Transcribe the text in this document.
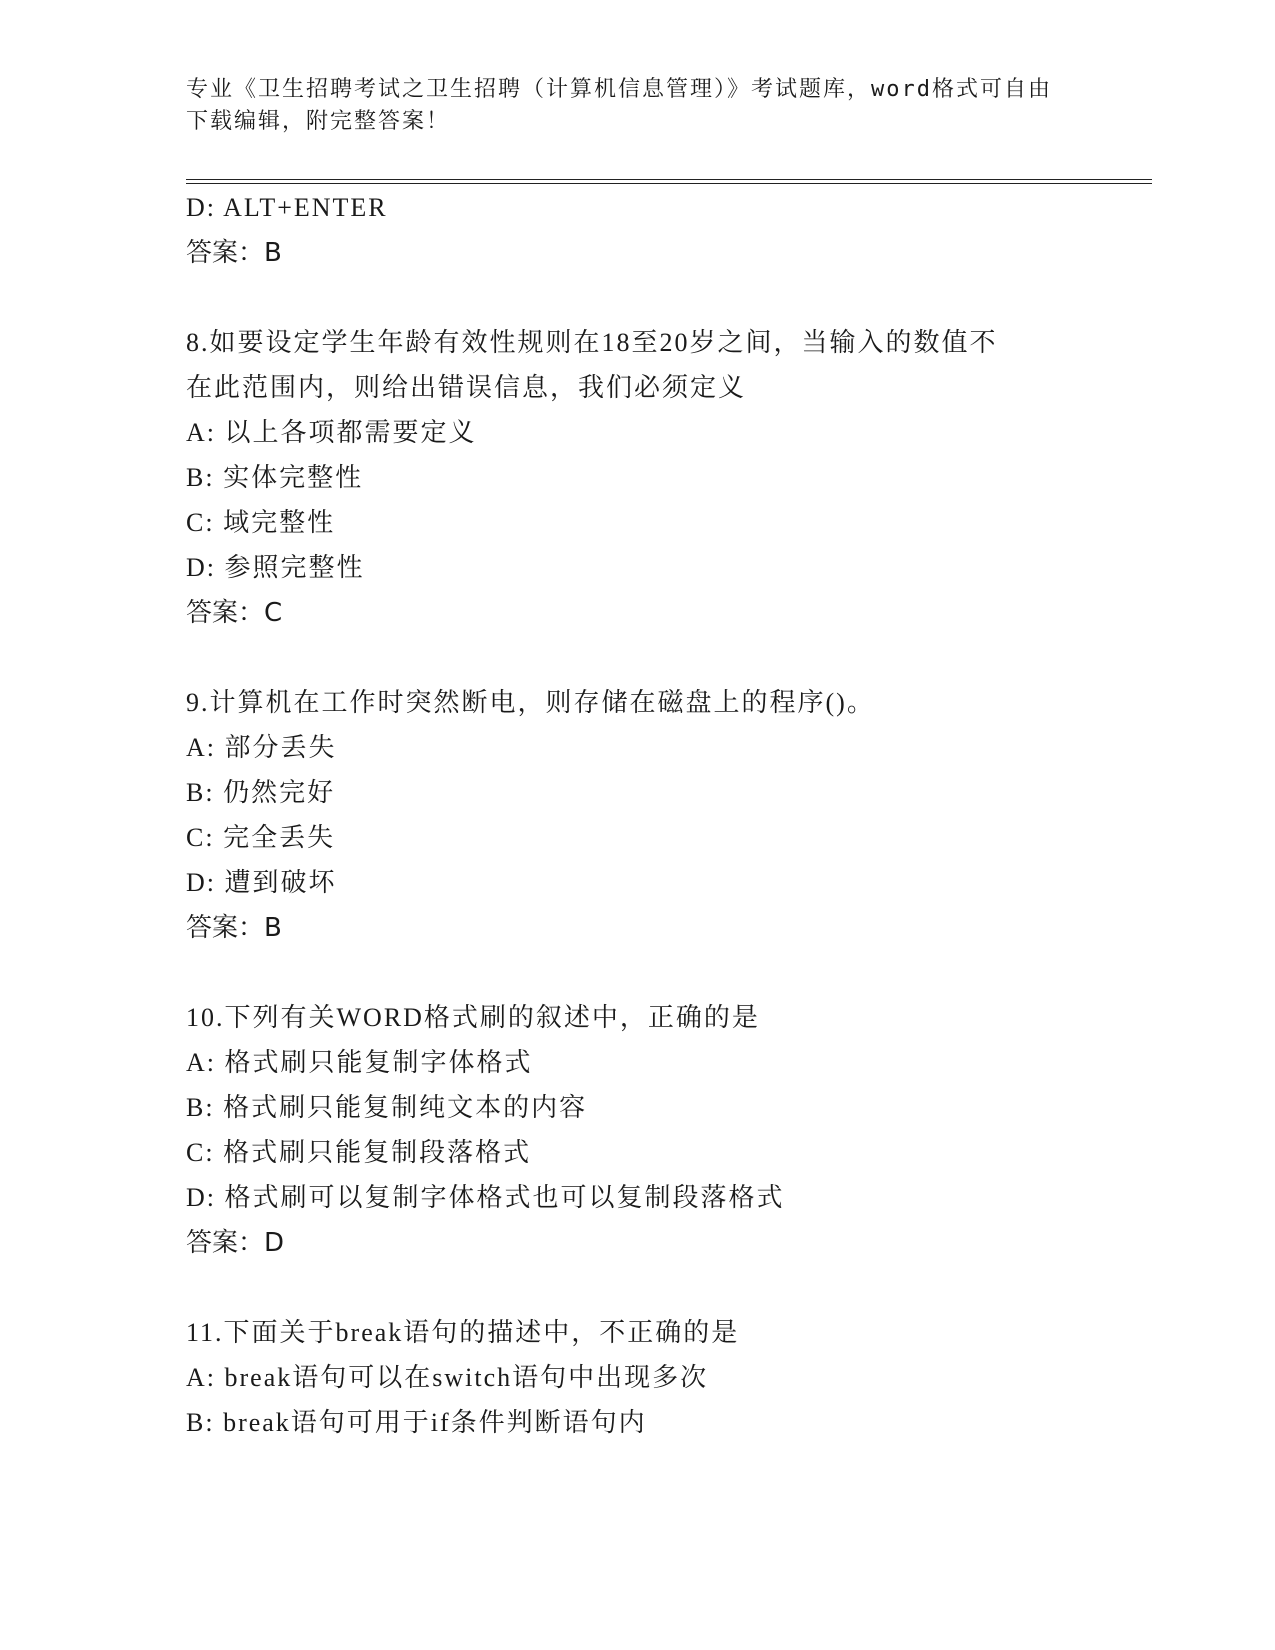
专业《卫生招聘考试之卫生招聘（计算机信息管理）》考试题库，word格式可自由下载编辑，附完整答案！
D: ALT+ENTER
答案：B
8.如要设定学生年龄有效性规则在18至20岁之间，当输入的数值不
在此范围内，则给出错误信息，我们必须定义
A: 以上各项都需要定义
B: 实体完整性
C: 域完整性
D: 参照完整性
答案：C
9.计算机在工作时突然断电，则存储在磁盘上的程序()。
A: 部分丢失
B: 仍然完好
C: 完全丢失
D: 遭到破坏
答案：B
10.下列有关WORD格式刷的叙述中，正确的是
A: 格式刷只能复制字体格式
B: 格式刷只能复制纯文本的内容
C: 格式刷只能复制段落格式
D: 格式刷可以复制字体格式也可以复制段落格式
答案：D
11.下面关于break语句的描述中，不正确的是
A: break语句可以在switch语句中出现多次
B: break语句可用于if条件判断语句内
